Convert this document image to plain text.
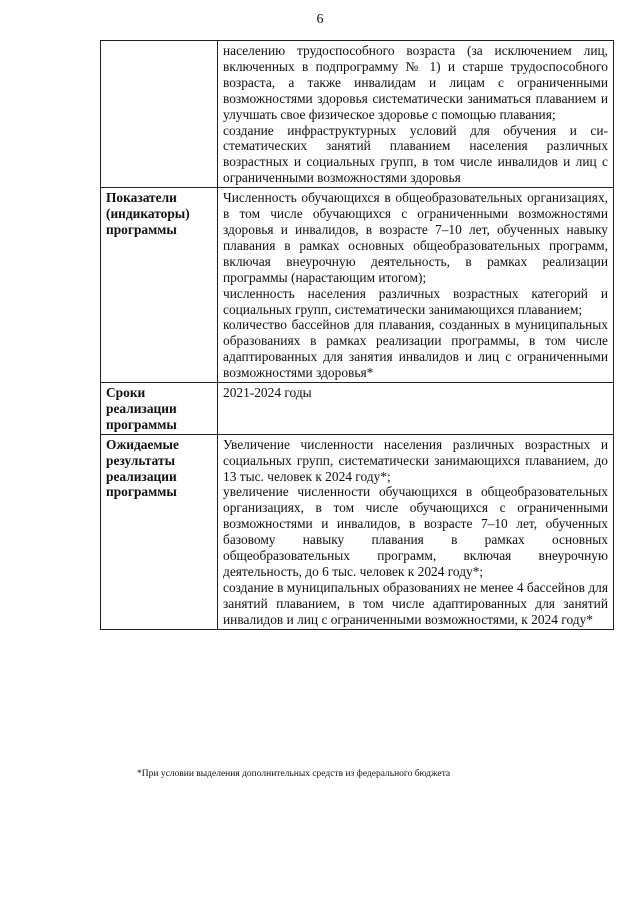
6

	населению трудоспособного возраста (за исключением лиц, включенных в подпрограмму № 1) и старше трудоспособного возраста, а также инвалидам и лицам с ограниченными возможностями здоровья систематически заниматься плаванием и улучшать свое физическое здоровье с помощью плавания;
создание инфраструктурных условий для обучения и систематических занятий плаванием населения различных возрастных и социальных групп, в том числе инвалидов и лиц с ограниченными возможностями здоровья

Показатели (индикаторы) программы	Численность обучающихся в общеобразовательных организациях, в том числе обучающихся с ограниченными возможностями здоровья и инвалидов, в возрасте 7–10 лет, обученных навыку плавания в рамках основных общеобразовательных программ, включая внеурочную деятельность, в рамках реализации программы (нарастающим итогом);
численность населения различных возрастных категорий и социальных групп, систематически занимающихся плаванием;
количество бассейнов для плавания, созданных в муниципальных образованиях в рамках реализации программы, в том числе адаптированных для занятия инвалидов и лиц с ограниченными возможностями здоровья*

Сроки реализации программы	2021-2024 годы

Ожидаемые результаты реализации программы	Увеличение численности населения различных возрастных и социальных групп, систематически занимающихся плаванием, до 13 тыс. человек к 2024 году*;
увеличение численности обучающихся в общеобразовательных организациях, в том числе обучающихся с ограниченными возможностями и инвалидов, в возрасте 7–10 лет, обученных базовому навыку плавания в рамках основных общеобразовательных программ, включая внеурочную деятельность, до 6 тыс. человек к 2024 году*;
создание в муниципальных образованиях не менее 4 бассейнов для занятий плаванием, в том числе адаптированных для занятий инвалидов и лиц с ограниченными возможностями, к 2024 году*
*При условии выделения дополнительных средств из федерального бюджета
